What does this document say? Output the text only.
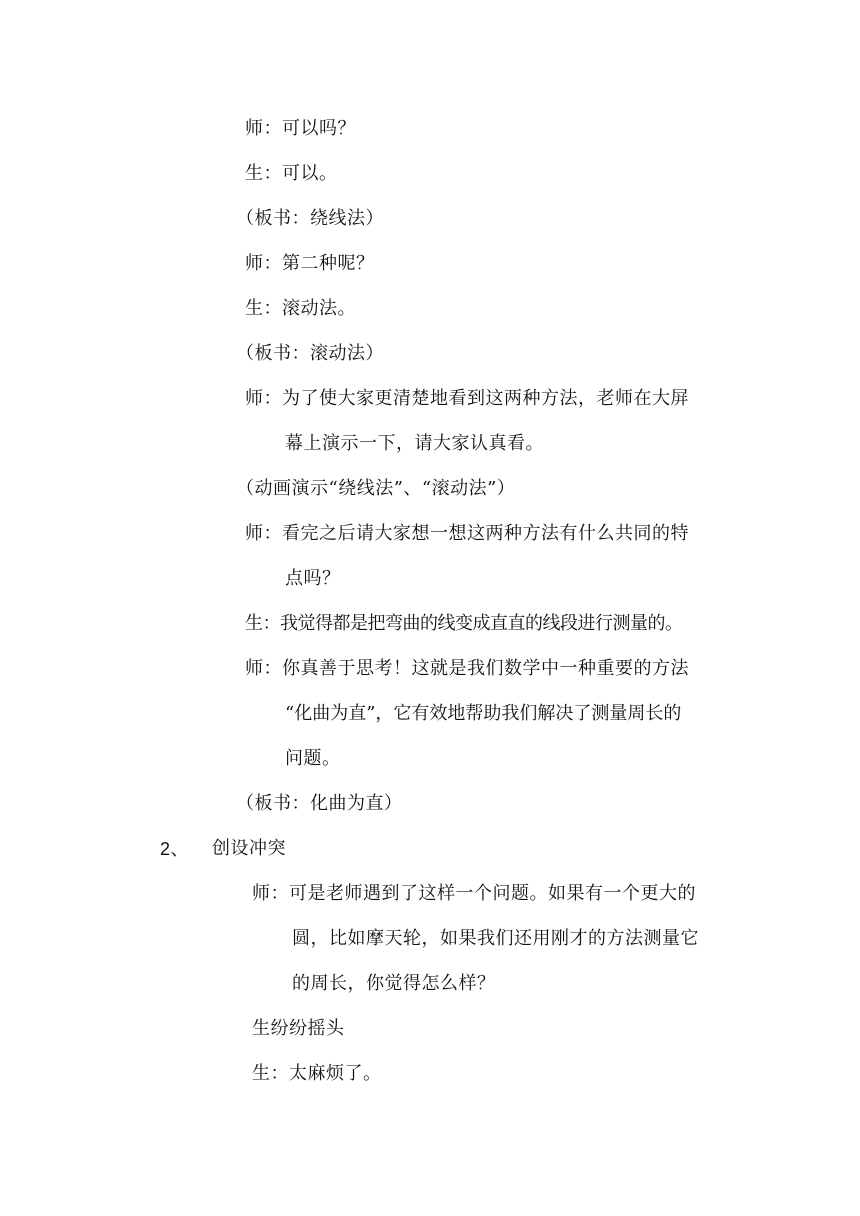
师：可以吗？
生：可以。
（板书：绕线法）
师：第二种呢？
生：滚动法。
（板书：滚动法）
师：为了使大家更清楚地看到这两种方法，老师在大屏
幕上演示一下，请大家认真看。
（动画演示“绕线法”、“滚动法”）
师：看完之后请大家想一想这两种方法有什么共同的特
点吗？
生：我觉得都是把弯曲的线变成直直的线段进行测量的。
师：你真善于思考！这就是我们数学中一种重要的方法
“化曲为直”，它有效地帮助我们解决了测量周长的
问题。
（板书：化曲为直）
2、 创设冲突
师：可是老师遇到了这样一个问题。如果有一个更大的
圆，比如摩天轮，如果我们还用刚才的方法测量它
的周长，你觉得怎么样？
生纷纷摇头
生：太麻烦了。
